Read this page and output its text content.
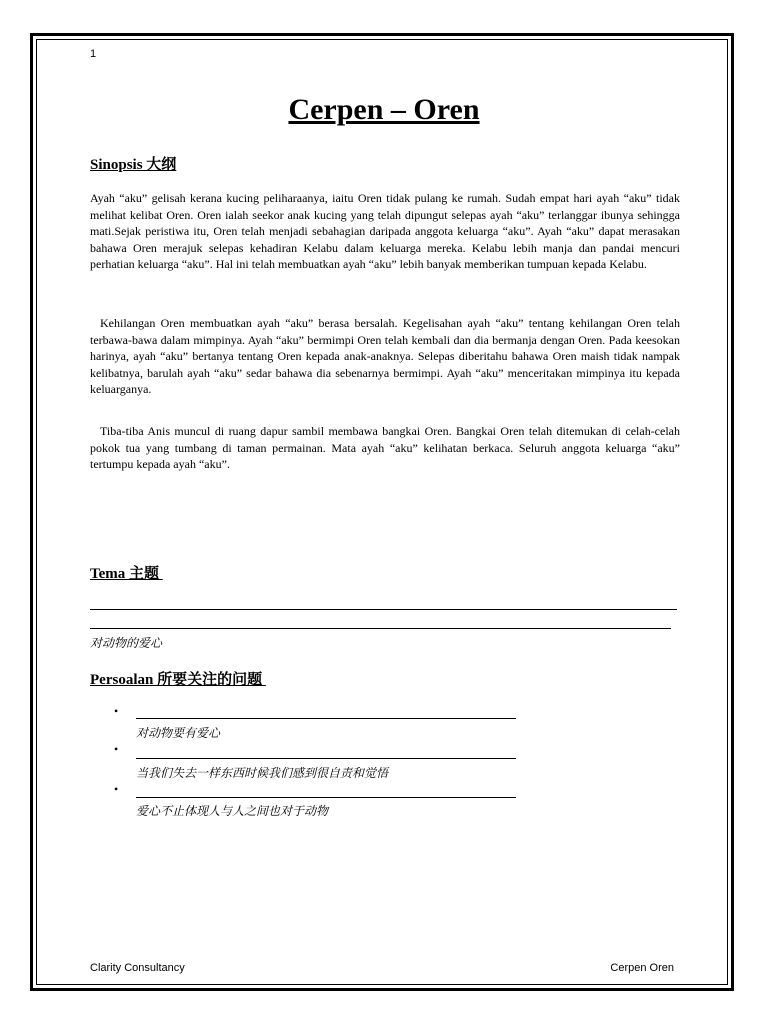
1
Cerpen – Oren
Sinopsis 大纲

Ayah “aku” gelisah kerana kucing peliharaanya, iaitu Oren tidak pulang ke rumah. Sudah empat hari ayah “aku” tidak melihat kelibat Oren. Oren ialah seekor anak kucing yang telah dipungut selepas ayah “aku” terlanggar ibunya sehingga mati.Sejak peristiwa itu, Oren telah menjadi sebahagian daripada anggota keluarga “aku”. Ayah “aku” dapat merasakan bahawa Oren merajuk selepas kehadiran Kelabu dalam keluarga mereka. Kelabu lebih manja dan pandai mencuri perhatian keluarga “aku”. Hal ini telah membuatkan ayah “aku” lebih banyak memberikan tumpuan kepada Kelabu.

Kehilangan Oren membuatkan ayah “aku” berasa bersalah. Kegelisahan ayah “aku” tentang kehilangan Oren telah terbawa-bawa dalam mimpinya. Ayah “aku” bermimpi Oren telah kembali dan dia bermanja dengan Oren. Pada keesokan harinya, ayah “aku” bertanya tentang Oren kepada anak-anaknya. Selepas diberitahu bahawa Oren maish tidak nampak kelibatnya, barulah ayah “aku” sedar bahawa dia sebenarnya bermimpi. Ayah “aku” menceritakan mimpinya itu kepada keluarganya.

Tiba-tiba Anis muncul di ruang dapur sambil membawa bangkai Oren. Bangkai Oren telah ditemukan di celah-celah pokok tua yang tumbang di taman permainan. Mata ayah “aku” kelihatan berkaca. Seluruh anggota keluarga “aku” tertumpu kepada ayah “aku”.

Tema 主题
对动物的爱心
Persoalan 所要关注的问题
•
对动物要有爱心
•
当我们失去一样东西时候我们感到很自责和觉悟
•
爱心不止体现人与人之间也对于动物
Clarity Consultancy	Cerpen Oren
